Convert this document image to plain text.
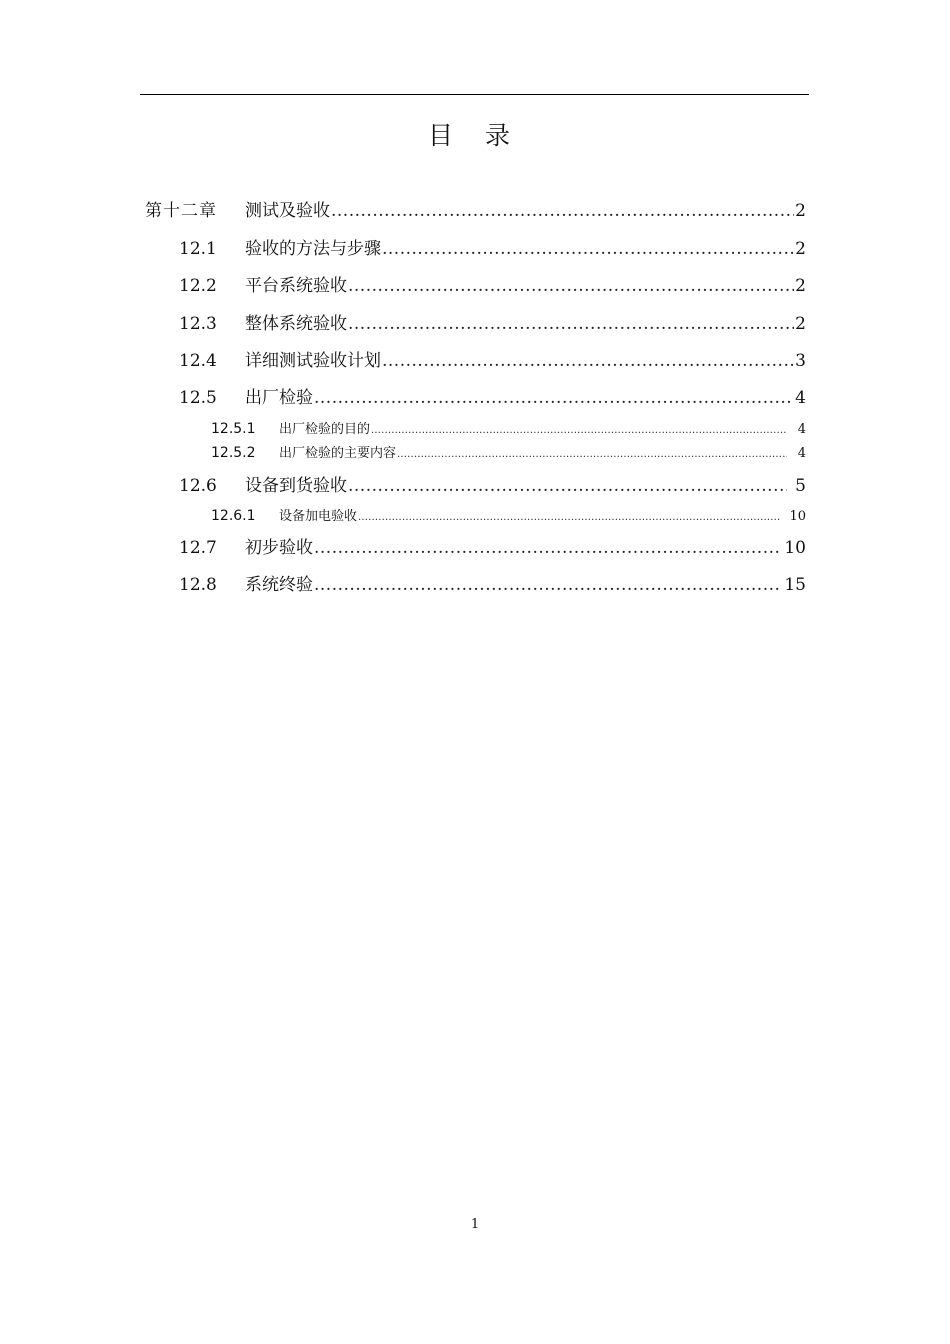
目 录
第十二章	测试及验收 .....	2
12.1	验收的方法与步骤 .....	2
12.2	平台系统验收 .....	2
12.3	整体系统验收 .....	2
12.4	详细测试验收计划 .....	3
12.5	出厂检验 .....	4
12.5.1	出厂检验的目的 .....	4
12.5.2	出厂检验的主要内容 .....	4
12.6	设备到货验收 .....	5
12.6.1	设备加电验收 .....	10
12.7	初步验收 .....	10
12.8	系统终验 .....	15
1
